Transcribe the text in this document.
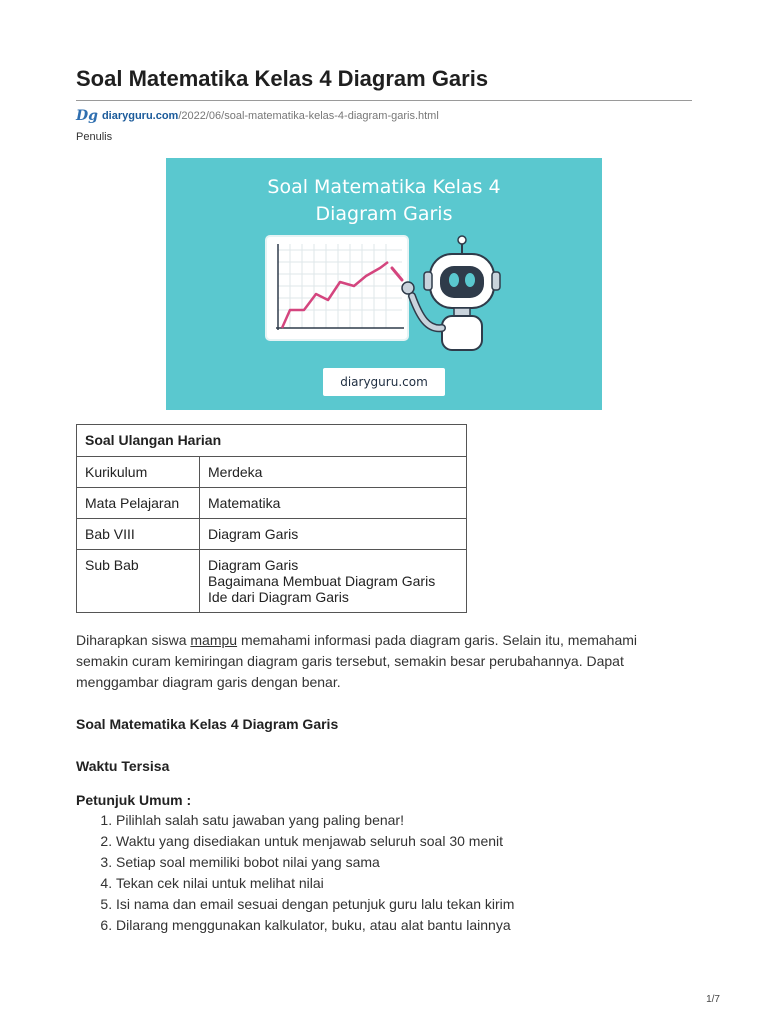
Soal Matematika Kelas 4 Diagram Garis
Dg diaryguru.com /2022/06/soal-matematika-kelas-4-diagram-garis.html
Penulis
Soal Matematika Kelas 4
Diagram Garis
diaryguru.com
Soal Ulangan Harian	
Kurikulum	Merdeka
Mata Pelajaran	Matematika
Bab VIII	Diagram Garis
Sub Bab	Diagram Garis
Bagaimana Membuat Diagram Garis
Ide dari Diagram Garis

Diharapkan siswa mampu memahami informasi pada diagram garis. Selain itu, memahami semakin curam kemiringan diagram garis tersebut, semakin besar perubahannya. Dapat menggambar diagram garis dengan benar.

Soal Matematika Kelas 4 Diagram Garis
Waktu Tersisa
Petunjuk Umum :
1. Pilihlah salah satu jawaban yang paling benar!
2. Waktu yang disediakan untuk menjawab seluruh soal 30 menit
3. Setiap soal memiliki bobot nilai yang sama
4. Tekan cek nilai untuk melihat nilai
5. Isi nama dan email sesuai dengan petunjuk guru lalu tekan kirim
6. Dilarang menggunakan kalkulator, buku, atau alat bantu lainnya
1/7
